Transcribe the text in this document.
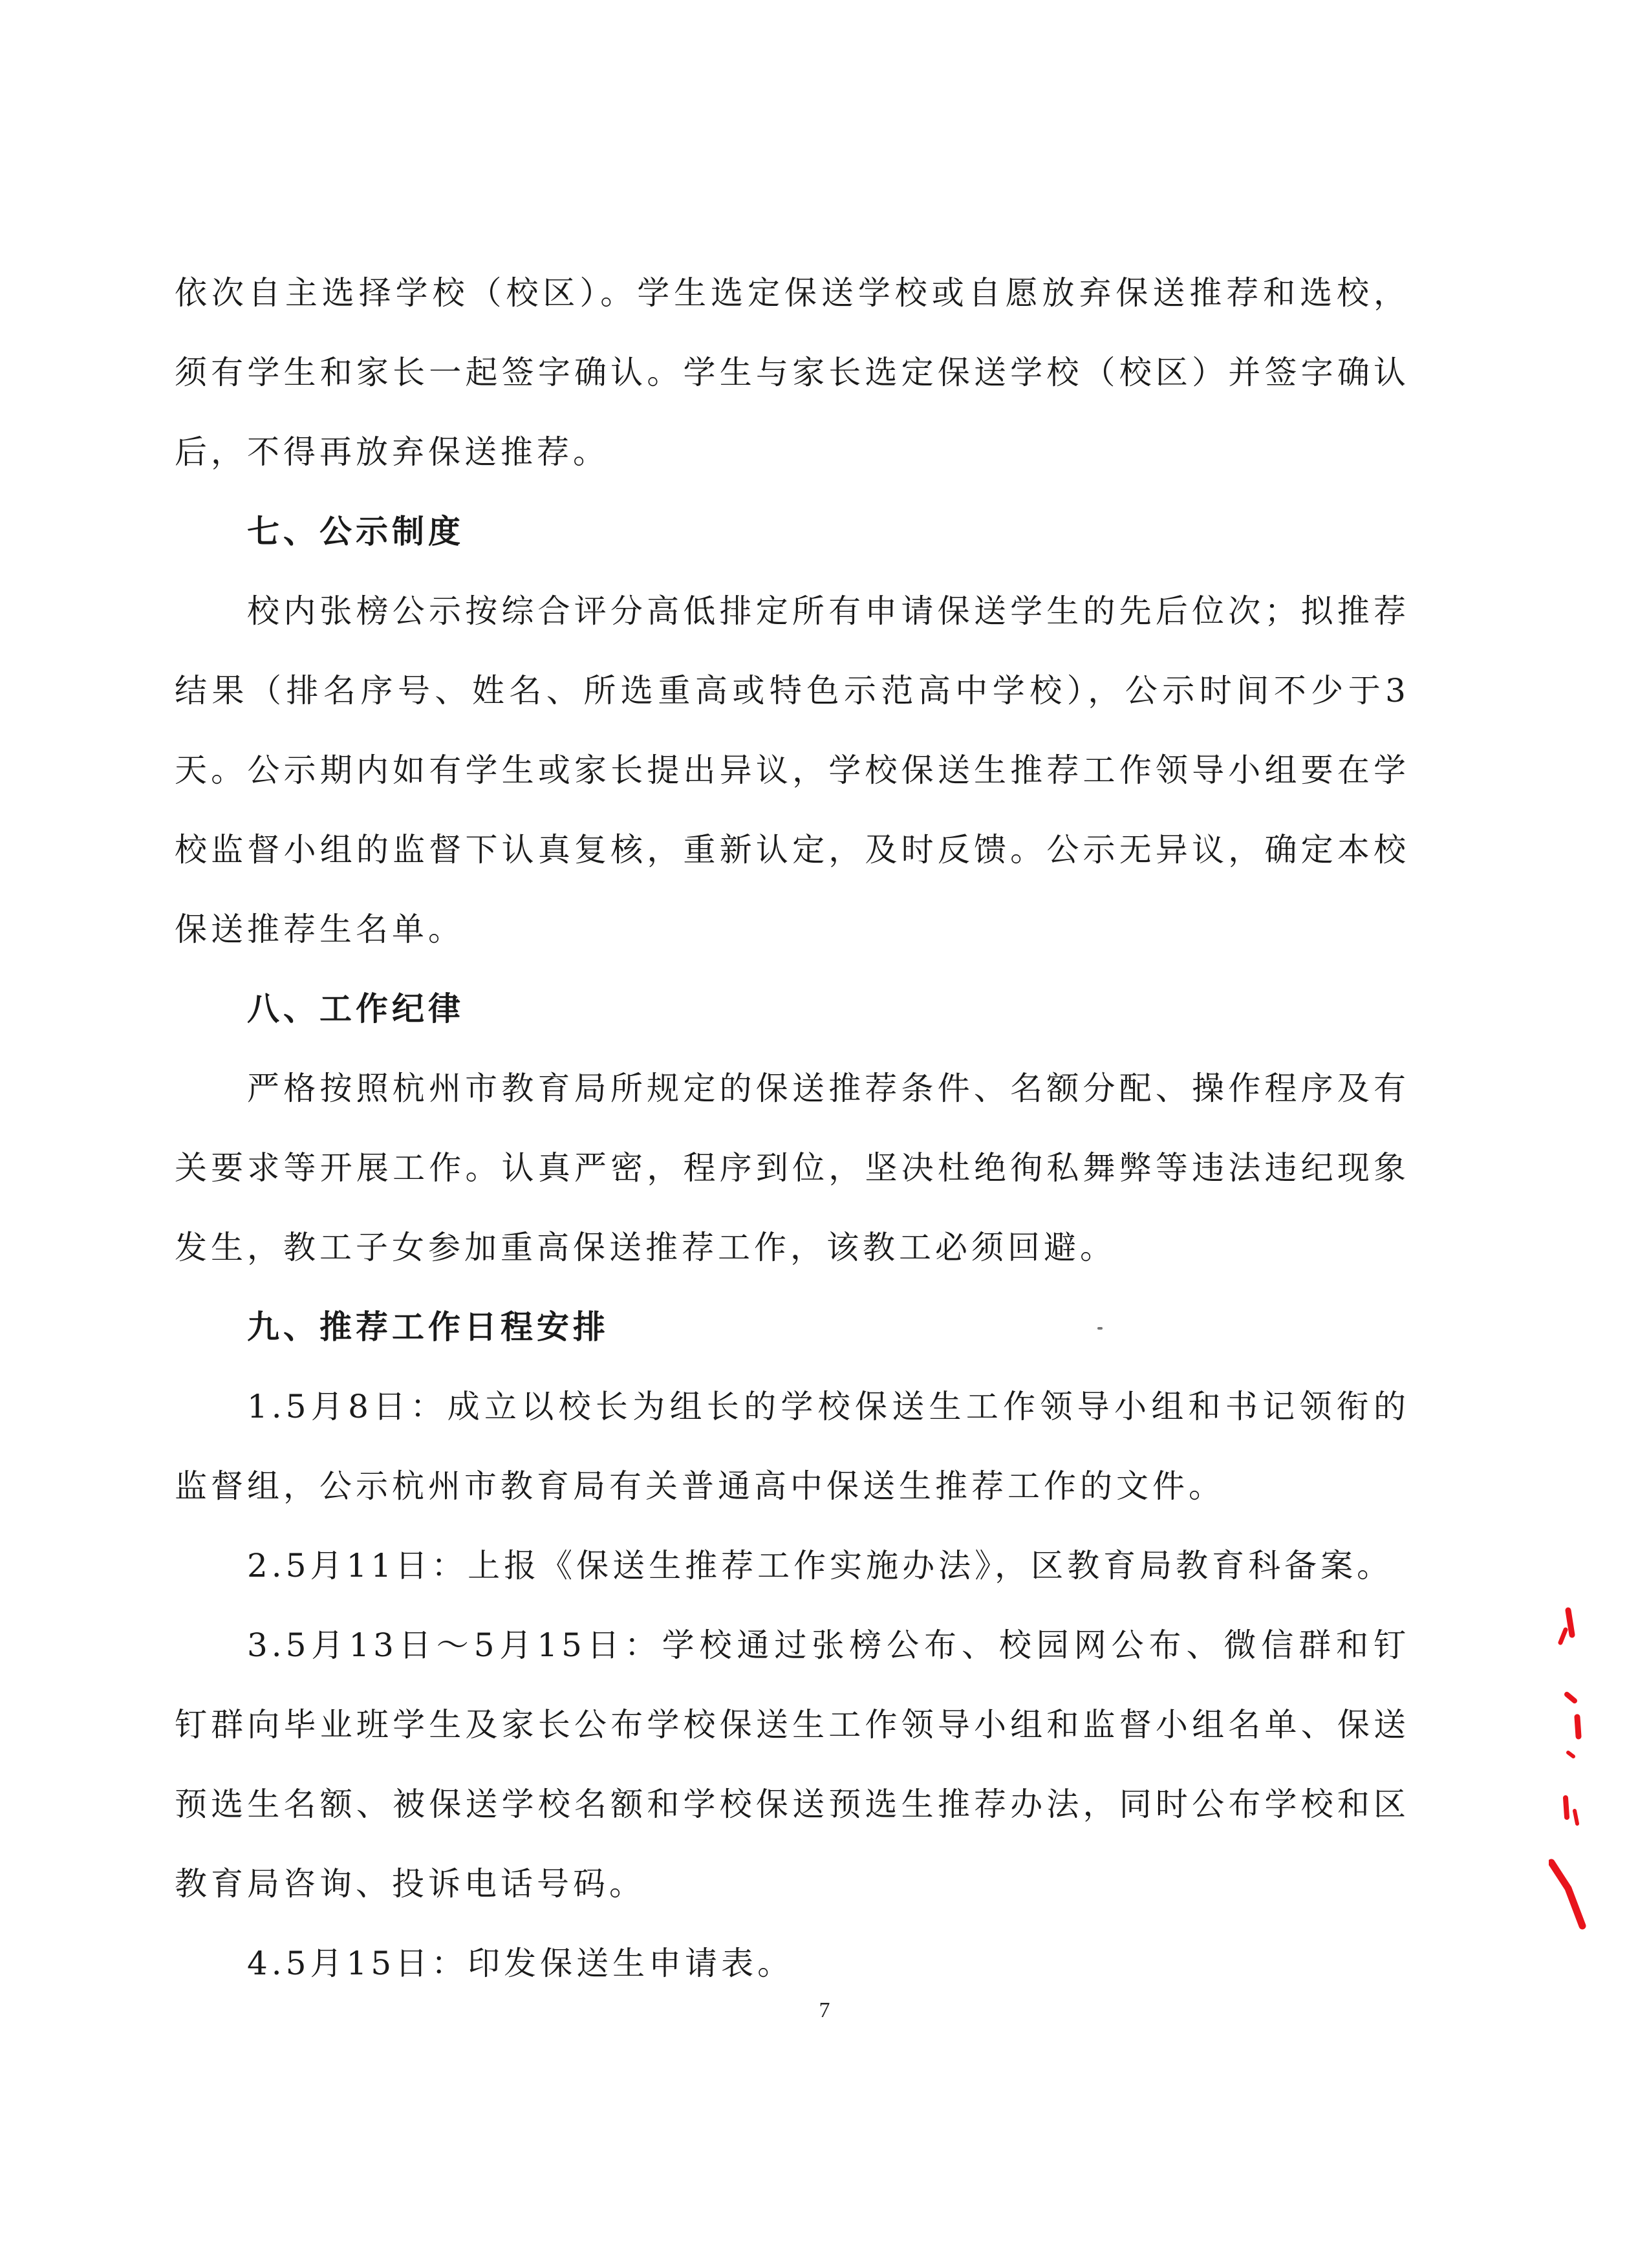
依次自主选择学校（校区）。学生选定保送学校或自愿放弃保送推荐和选校，须有学生和家长一起签字确认。学生与家长选定保送学校（校区）并签字确认后，不得再放弃保送推荐。

七、公示制度

校内张榜公示按综合评分高低排定所有申请保送学生的先后位次；拟推荐结果（排名序号、姓名、所选重高或特色示范高中学校），公示时间不少于3天。公示期内如有学生或家长提出异议，学校保送生推荐工作领导小组要在学校监督小组的监督下认真复核，重新认定，及时反馈。公示无异议，确定本校保送推荐生名单。

八、工作纪律

严格按照杭州市教育局所规定的保送推荐条件、名额分配、操作程序及有关要求等开展工作。认真严密，程序到位，坚决杜绝徇私舞弊等违法违纪现象发生，教工子女参加重高保送推荐工作，该教工必须回避。

九、推荐工作日程安排

1.5月8日：成立以校长为组长的学校保送生工作领导小组和书记领衔的监督组，公示杭州市教育局有关普通高中保送生推荐工作的文件。

2.5月11日：上报《保送生推荐工作实施办法》，区教育局教育科备案。

3.5月13日～5月15日：学校通过张榜公布、校园网公布、微信群和钉钉群向毕业班学生及家长公布学校保送生工作领导小组和监督小组名单、保送预选生名额、被保送学校名额和学校保送预选生推荐办法，同时公布学校和区教育局咨询、投诉电话号码。

4.5月15日：印发保送生申请表。

7
